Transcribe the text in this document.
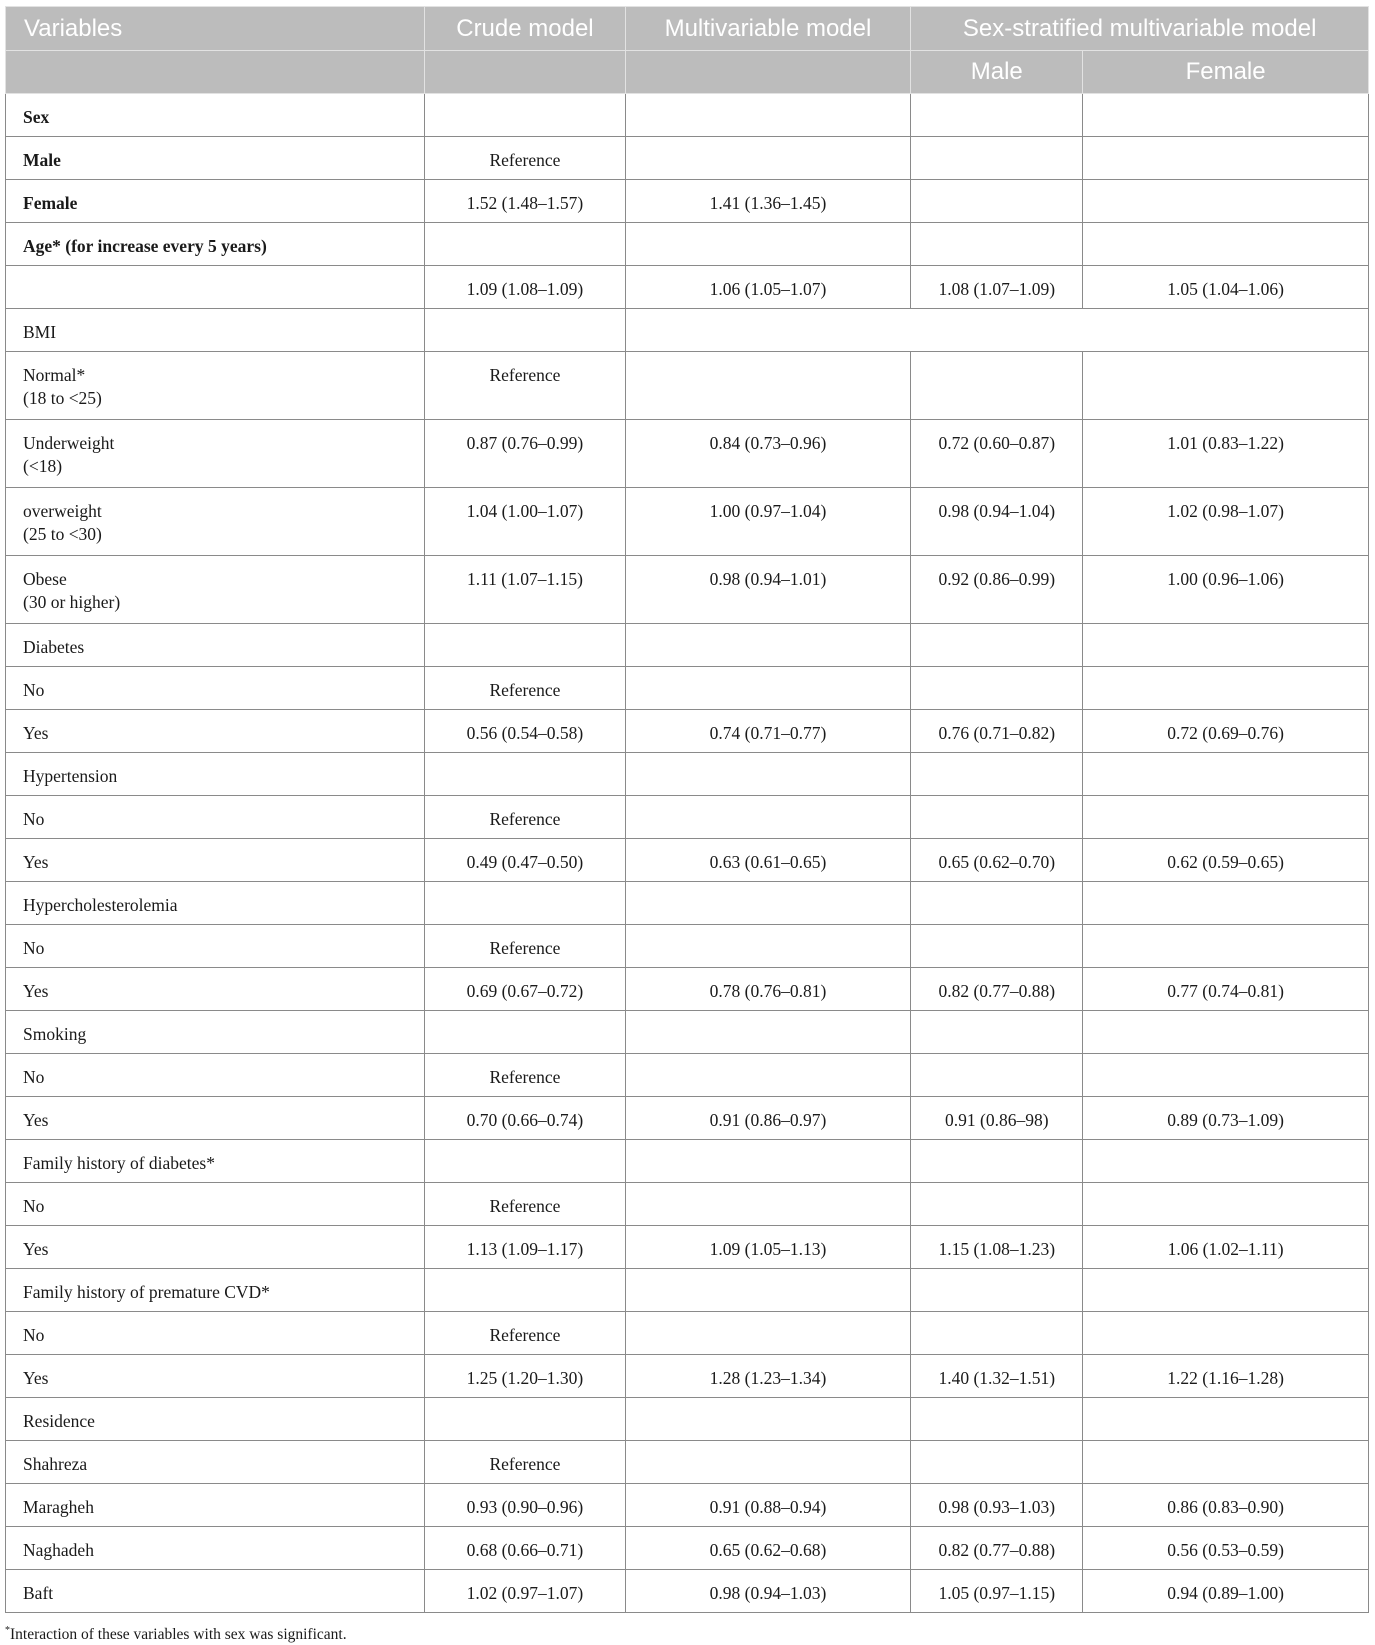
Variables	Crude model	Multivariable model	Sex-stratified multivariable model	
			Male	Female

Sex				

Male	Reference			

Female	1.52 (1.48–1.57)	1.41 (1.36–1.45)		

Age* (for increase every 5 years)				

	1.09 (1.08–1.09)	1.06 (1.05–1.07)	1.08 (1.07–1.09)	1.05 (1.04–1.06)

BMI				

Normal*
(18 to <25)	Reference			

Underweight
(<18)	0.87 (0.76–0.99)	0.84 (0.73–0.96)	0.72 (0.60–0.87)	1.01 (0.83–1.22)

overweight
(25 to <30)	1.04 (1.00–1.07)	1.00 (0.97–1.04)	0.98 (0.94–1.04)	1.02 (0.98–1.07)

Obese
(30 or higher)	1.11 (1.07–1.15)	0.98 (0.94–1.01)	0.92 (0.86–0.99)	1.00 (0.96–1.06)

Diabetes				

No	Reference			

Yes	0.56 (0.54–0.58)	0.74 (0.71–0.77)	0.76 (0.71–0.82)	0.72 (0.69–0.76)

Hypertension				

No	Reference			

Yes	0.49 (0.47–0.50)	0.63 (0.61–0.65)	0.65 (0.62–0.70)	0.62 (0.59–0.65)

Hypercholesterolemia				

No	Reference			

Yes	0.69 (0.67–0.72)	0.78 (0.76–0.81)	0.82 (0.77–0.88)	0.77 (0.74–0.81)

Smoking				

No	Reference			

Yes	0.70 (0.66–0.74)	0.91 (0.86–0.97)	0.91 (0.86–98)	0.89 (0.73–1.09)

Family history of diabetes*				

No	Reference			

Yes	1.13 (1.09–1.17)	1.09 (1.05–1.13)	1.15 (1.08–1.23)	1.06 (1.02–1.11)

Family history of premature CVD*				

No	Reference			

Yes	1.25 (1.20–1.30)	1.28 (1.23–1.34)	1.40 (1.32–1.51)	1.22 (1.16–1.28)

Residence				

Shahreza	Reference			

Maragheh	0.93 (0.90–0.96)	0.91 (0.88–0.94)	0.98 (0.93–1.03)	0.86 (0.83–0.90)

Naghadeh	0.68 (0.66–0.71)	0.65 (0.62–0.68)	0.82 (0.77–0.88)	0.56 (0.53–0.59)

Baft	1.02 (0.97–1.07)	0.98 (0.94–1.03)	1.05 (0.97–1.15)	0.94 (0.89–1.00)
*Interaction of these variables with sex was significant.
